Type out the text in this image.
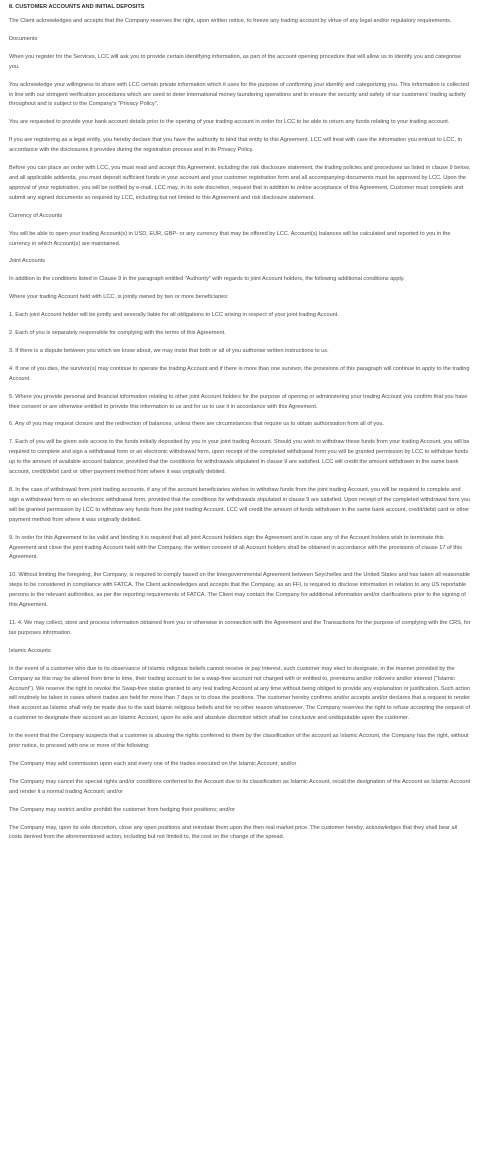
8. CUSTOMER ACCOUNTS AND INITIAL DEPOSITS
The Client acknowledges and accepts that the Company reserves the right, upon written notice, to freeze any trading account by virtue of any legal and/or regulatory requirements.
Documents
When you register for the Services, LCC will ask you to provide certain identifying information, as part of the account opening procedure that will allow us to identify you and categorise you.
You acknowledge your willingness to share with LCC certain private information which it uses for the purpose of confirming your identity and categorizing you. This information is collected in line with our stringent verification procedures which are used to deter international money laundering operations and to ensure the security and safety of our customers' trading activity throughout and is subject to the Company's "Privacy Policy".
You are requested to provide your bank account details prior to the opening of your trading account in order for LCC to be able to return any funds relating to your trading account.
If you are registering as a legal entity, you hereby declare that you have the authority to bind that entity to this Agreement. LCC will treat with care the information you entrust to LCC, in accordance with the disclosures it provides during the registration process and in its Privacy Policy.
Before you can place an order with LCC, you must read and accept this Agreement, including the risk disclosure statement, the trading policies and procedures as listed in clause 9 below, and all applicable addenda, you must deposit sufficient funds in your account and your customer registration form and all accompanying documents must be approved by LCC. Upon the approval of your registration, you will be notified by e-mail. LCC may, in its sole discretion, request that in addition to online acceptance of this Agreement, Customer must complete and submit any signed documents so required by LCC, including but not limited to this Agreement and risk disclosure statement.
Currency of Accounts
You will be able to open your trading Account(s) in USD, EUR, GBP- or any currency that may be offered by LCC. Account(s) balances will be calculated and reported to you in the currency in which Account(s) are maintained.
Joint Accounts
In addition to the conditions listed in Clause 9 in the paragraph entitled "Authority" with regards to joint Account holders, the following additional conditions apply.
Where your trading Account held with LCC, is jointly owned by two or more beneficiaries:
1. Each joint Account holder will be jointly and severally liable for all obligations to LCC arising in respect of your joint trading Account.
2. Each of you is separately responsible for complying with the terms of this Agreement.
3. If there is a dispute between you which we know about, we may insist that both or all of you authorise written instructions to us.
4. If one of you dies, the survivor(s) may continue to operate the trading Account and if there is more than one survivor, the provisions of this paragraph will continue to apply to the trading Account.
5. Where you provide personal and financial information relating to other joint Account holders for the purpose of opening or administering your trading Account you confirm that you have their consent or are otherwise entitled to provide this information to us and for us to use it in accordance with this Agreement.
6. Any of you may request closure and the redirection of balances, unless there are circumstances that require us to obtain authorisation from all of you.
7. Each of you will be given sole access to the funds initially deposited by you in your joint trading Account. Should you wish to withdraw these funds from your trading Account, you will be required to complete and sign a withdrawal form or an electronic withdrawal form, upon receipt of the completed withdrawal form you will be granted permission by LCC to withdraw funds up to the amount of available account balance, provided that the conditions for withdrawals stipulated in clause 9 are satisfied. LCC will credit the amount withdrawn in the same bank account, credit/debit card or other payment method from where it was originally debited.
8. In the case of withdrawal from joint trading accounts, if any of the account beneficiaries wishes to withdraw funds from the joint trading Account, you will be required to complete and sign a withdrawal form or an electronic withdrawal form, provided that the conditions for withdrawals stipulated in clause 9 are satisfied. Upon receipt of the completed withdrawal form you will be granted permission by LCC to withdraw any funds from the joint trading Account. LCC will credit the amount of funds withdrawn in the same bank account, credit/debit card or other payment method from where it was originally debited.
9. In order for this Agreement to be valid and binding it is required that all joint Account holders sign the Agreement and in case any of the Account holders wish to terminate this Agreement and close the joint trading Account held with the Company, the written consent of all Account holders shall be obtained in accordance with the provisions of clause 17 of this Agreement.
10. Without limiting the foregoing, the Company, is required to comply based on the Intergovernmental Agreement between Seychelles and the United States and has taken all reasonable steps to be considered in compliance with FATCA. The Client acknowledges and accepts that the Company, as an FFI, is required to disclose information in relation to any US reportable persons to the relevant authorities, as per the reporting requirements of FATCA. The Client may contact the Company for additional information and/or clarifications prior to the signing of this Agreement.
11. 4. We may collect, store and process information obtained from you or otherwise in connection with the Agreement and the Transactions for the purpose of complying with the CRS, for tax purposes information.
Islamic Accounts
In the event of a customer who due to its observance of Islamic religious beliefs cannot receive or pay interest, such customer may elect to designate, in the manner provided by the Company as this may be altered from time to time, their trading account to be a swap-free account not charged with or entitled to, premiums and/or rollovers and/or interest ("Islamic Account"). We reserve the right to revoke the Swap-free status granted to any real trading Account at any time without being obliged to provide any explanation or justification. Such action will routinely be taken in cases where trades are held for more than 7 days or to close the positions. The customer hereby confirms and/or accepts and/or declares that a request to render their account as Islamic shall only be made due to the said Islamic religious beliefs and for no other reason whatsoever. The Company reserves the right to refuse accepting the request of a customer to designate their account as an Islamic Account, upon its sole and absolute discretion which shall be conclusive and undisputable upon the customer.
In the event that the Company suspects that a customer is abusing the rights conferred to them by the classification of the account as Islamic Account, the Company has the right, without prior notice, to proceed with one or more of the following:
The Company may add commission upon each and every one of the trades executed on the Islamic Account; and/or
The Company may cancel the special rights and/or conditions conferred to the Account due to its classification as Islamic Account, recall the designation of the Account as Islamic Account and render it a normal trading Account; and/or
The Company may restrict and/or prohibit the customer from hedging their positions; and/or
The Company may, upon its sole discretion, close any open positions and reinstate them upon the then real market price. The customer hereby, acknowledges that they shall bear all costs derived from the aforementioned action, including but not limited to, the cost on the change of the spread.
